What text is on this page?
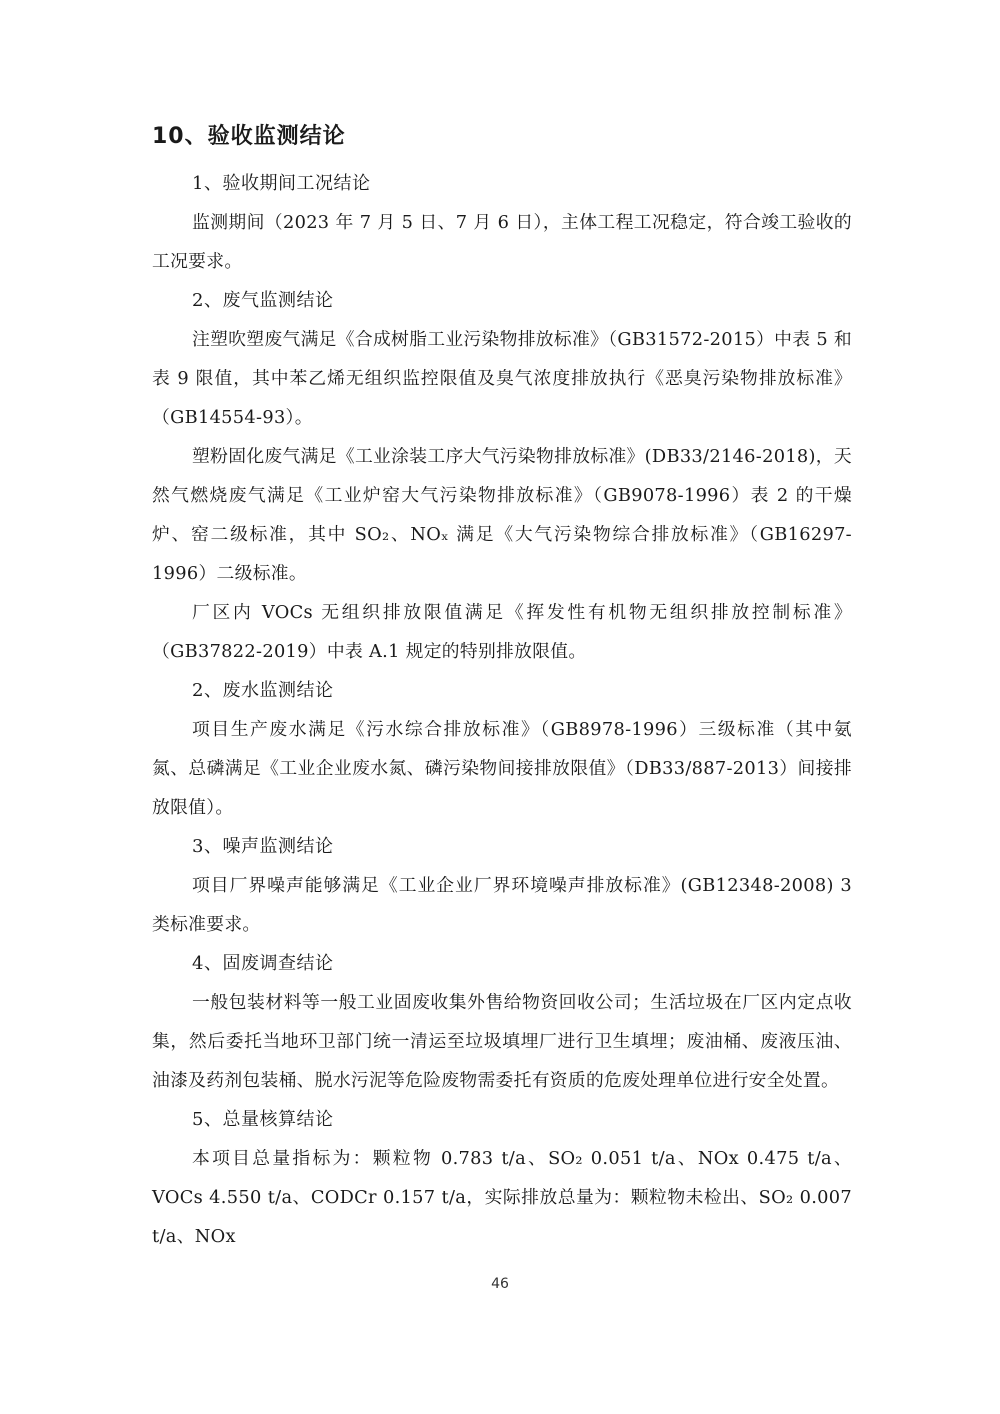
10、验收监测结论
1、验收期间工况结论

监测期间（2023 年 7 月 5 日、7 月 6 日），主体工程工况稳定，符合竣工验收的工况要求。

2、废气监测结论

注塑吹塑废气满足《合成树脂工业污染物排放标准》（GB31572-2015）中表 5 和表 9 限值，其中苯乙烯无组织监控限值及臭气浓度排放执行《恶臭污染物排放标准》（GB14554-93）。

塑粉固化废气满足《工业涂装工序大气污染物排放标准》(DB33/2146-2018)，天然气燃烧废气满足《工业炉窑大气污染物排放标准》（GB9078-1996）表 2 的干燥炉、窑二级标准，其中 SO₂、NOₓ 满足《大气污染物综合排放标准》（GB16297-1996）二级标准。

厂区内 VOCs 无组织排放限值满足《挥发性有机物无组织排放控制标准》（GB37822-2019）中表 A.1 规定的特别排放限值。

2、废水监测结论

项目生产废水满足《污水综合排放标准》（GB8978-1996）三级标准（其中氨氮、总磷满足《工业企业废水氮、磷污染物间接排放限值》（DB33/887-2013）间接排放限值）。

3、噪声监测结论

项目厂界噪声能够满足《工业企业厂界环境噪声排放标准》(GB12348-2008) 3 类标准要求。

4、固废调查结论

一般包装材料等一般工业固废收集外售给物资回收公司；生活垃圾在厂区内定点收集，然后委托当地环卫部门统一清运至垃圾填埋厂进行卫生填埋；废油桶、废液压油、油漆及药剂包装桶、脱水污泥等危险废物需委托有资质的危废处理单位进行安全处置。

5、总量核算结论

本项目总量指标为：颗粒物 0.783 t/a、SO₂ 0.051 t/a、NOx 0.475 t/a、VOCs 4.550 t/a、CODCr 0.157 t/a，实际排放总量为：颗粒物未检出、SO₂ 0.007 t/a、NOx

46
